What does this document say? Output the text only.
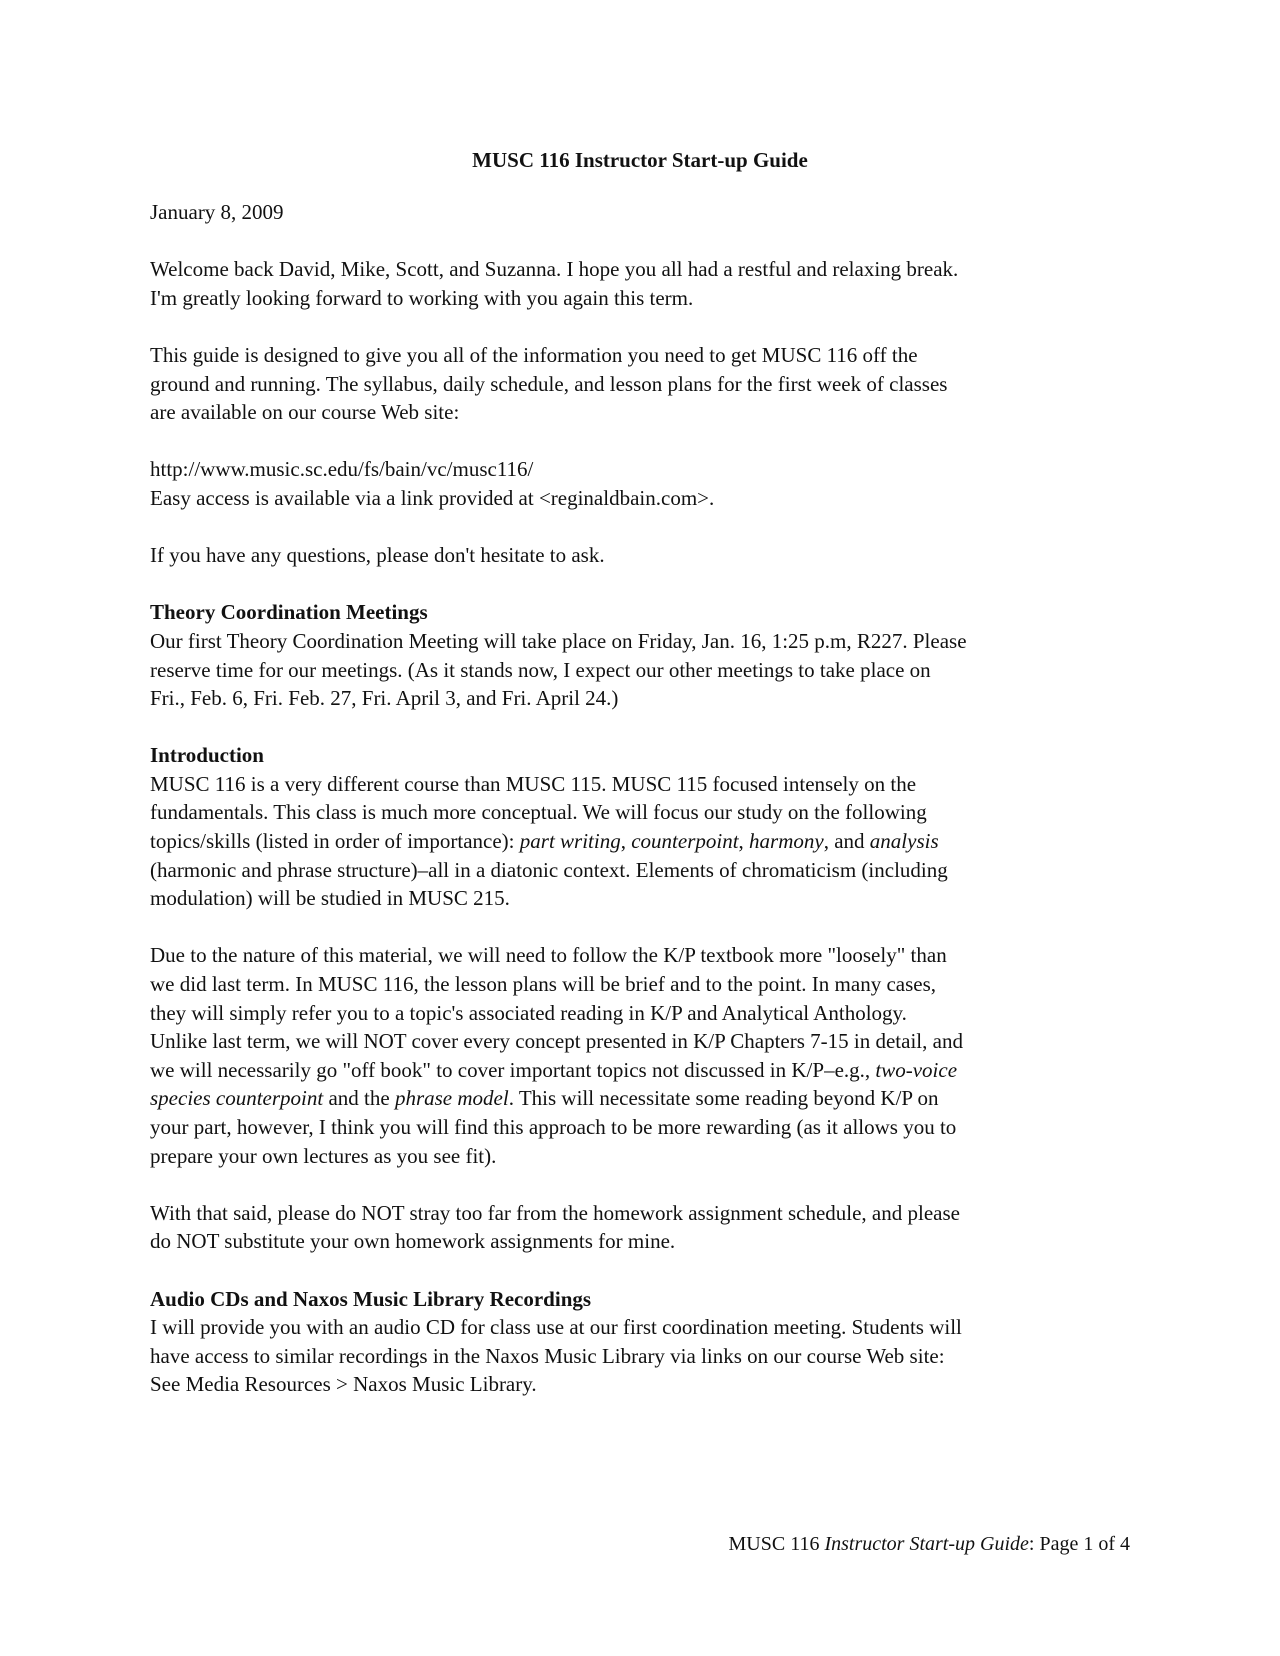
MUSC 116 Instructor Start-up Guide

January 8, 2009

Welcome back David, Mike, Scott, and Suzanna. I hope you all had a restful and relaxing break.
I'm greatly looking forward to working with you again this term.

This guide is designed to give you all of the information you need to get MUSC 116 off the
ground and running. The syllabus, daily schedule, and lesson plans for the first week of classes
are available on our course Web site:

http://www.music.sc.edu/fs/bain/vc/musc116/
Easy access is available via a link provided at <reginaldbain.com>.

If you have any questions, please don't hesitate to ask.

Theory Coordination Meetings
Our first Theory Coordination Meeting will take place on Friday, Jan. 16, 1:25 p.m, R227. Please
reserve time for our meetings. (As it stands now, I expect our other meetings to take place on
Fri., Feb. 6, Fri. Feb. 27, Fri. April 3, and Fri. April 24.)

Introduction
MUSC 116 is a very different course than MUSC 115. MUSC 115 focused intensely on the
fundamentals. This class is much more conceptual. We will focus our study on the following
topics/skills (listed in order of importance): part writing, counterpoint, harmony, and analysis
(harmonic and phrase structure)–all in a diatonic context. Elements of chromaticism (including
modulation) will be studied in MUSC 215.

Due to the nature of this material, we will need to follow the K/P textbook more "loosely" than
we did last term. In MUSC 116, the lesson plans will be brief and to the point. In many cases,
they will simply refer you to a topic's associated reading in K/P and Analytical Anthology.
Unlike last term, we will NOT cover every concept presented in K/P Chapters 7-15 in detail, and
we will necessarily go "off book" to cover important topics not discussed in K/P–e.g., two-voice
species counterpoint and the phrase model. This will necessitate some reading beyond K/P on
your part, however, I think you will find this approach to be more rewarding (as it allows you to
prepare your own lectures as you see fit).

With that said, please do NOT stray too far from the homework assignment schedule, and please
do NOT substitute your own homework assignments for mine.

Audio CDs and Naxos Music Library Recordings
I will provide you with an audio CD for class use at our first coordination meeting. Students will
have access to similar recordings in the Naxos Music Library via links on our course Web site:
See Media Resources > Naxos Music Library.

MUSC 116 Instructor Start-up Guide: Page 1 of 4
